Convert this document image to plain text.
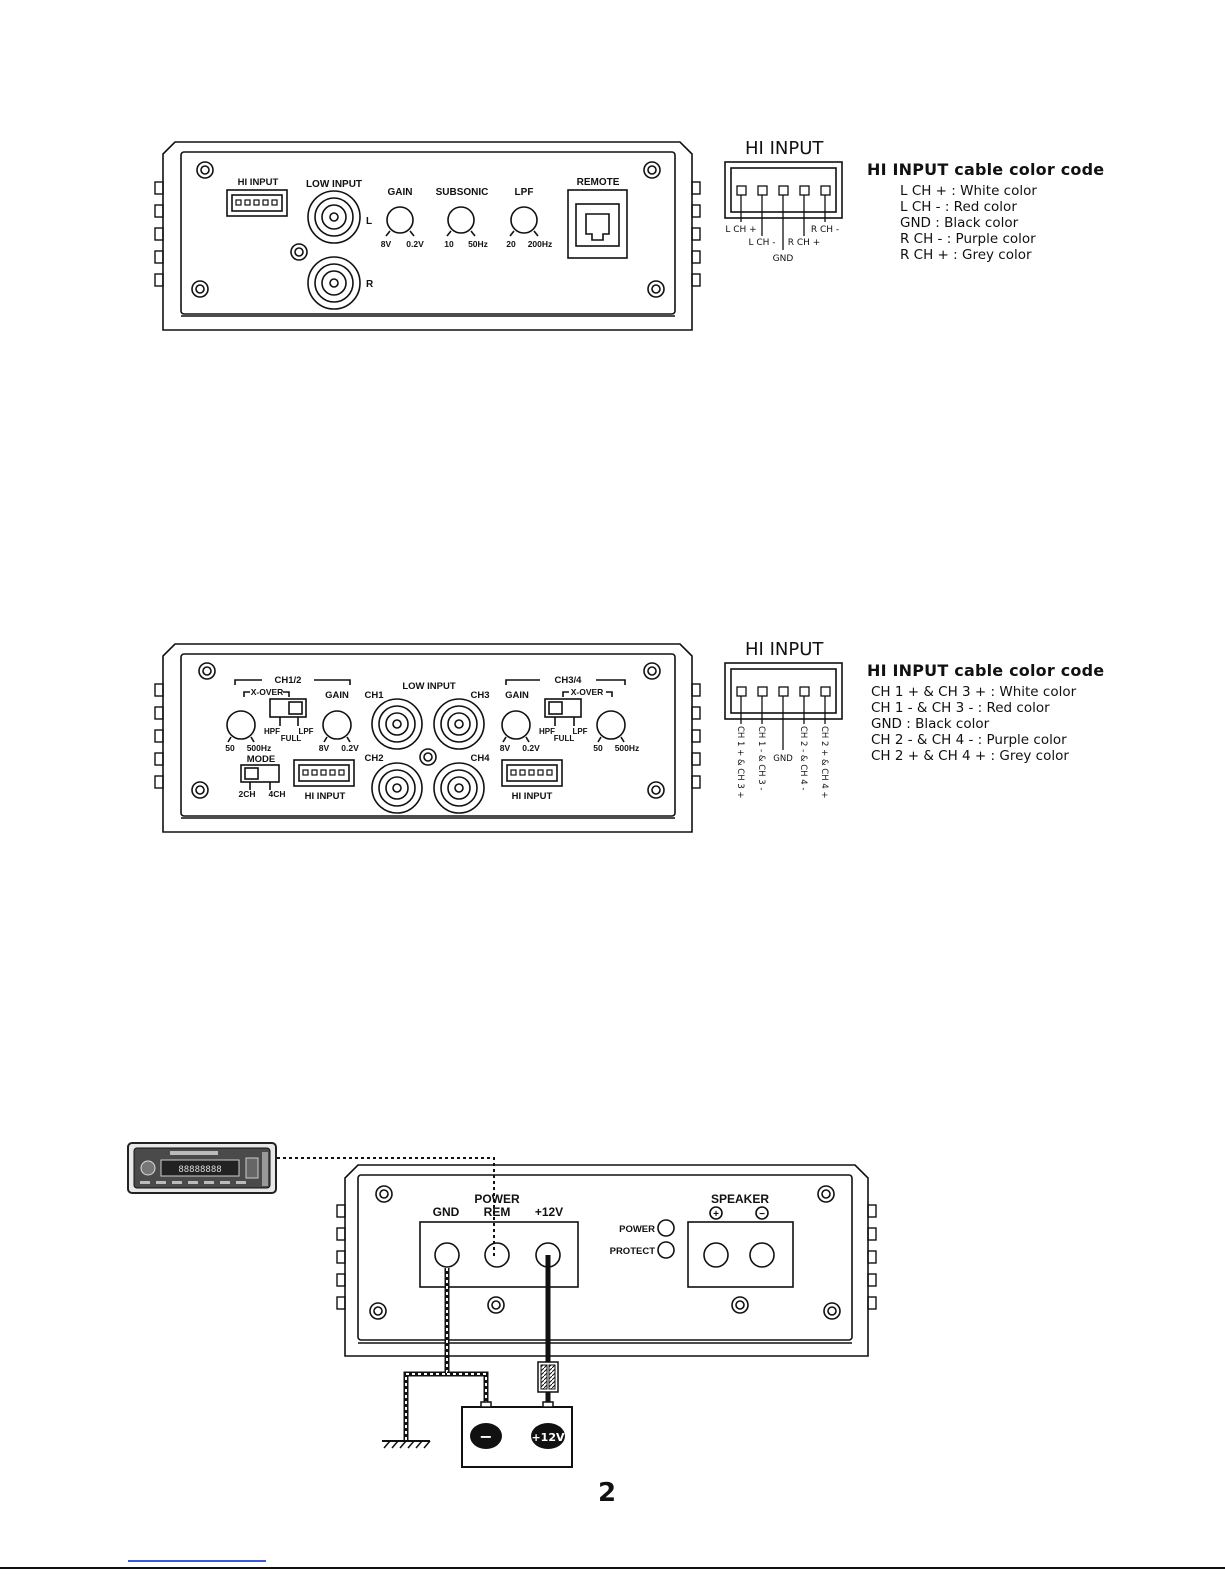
HI INPUT	LOW INPUT
L
R
GAIN
8V 0.2V
SUBSONIC
10 50Hz
LPF
20 200Hz
REMOTE
L CH +
L CH -
GND
R CH +
R CH -
CH1/2	CH3/4
X-OVER	X-OVER
GAIN	GAIN
LOW INPUT
CH1	CH3
CH2	CH4
HPF
FULL
LPF	HPF
FULL
LPF
50 500Hz	8V 0.2V	8V 0.2V	50 500Hz
MODE
2CH 4CH HI INPUT	HI INPUT	CH 1 + & CH 3 + CH 1 - & CH 3 - GND CH 2 - & CH 4 - CH 2 + & CH 4 +
88888888
POWER
GND REM +12V
POWER
PROTECT
SPEAKER
+	−
−	+12V
HI INPUT
HI INPUT
HI INPUT cable color code
L CH + : White color
L CH - : Red color
GND : Black color
R CH - : Purple color
R CH + : Grey color
HI INPUT cable color code
CH 1 + & CH 3 + : White color
CH 1 - & CH 3 - : Red color
GND : Black color
CH 2 - & CH 4 - : Purple color
CH 2 + & CH 4 + : Grey color
2
